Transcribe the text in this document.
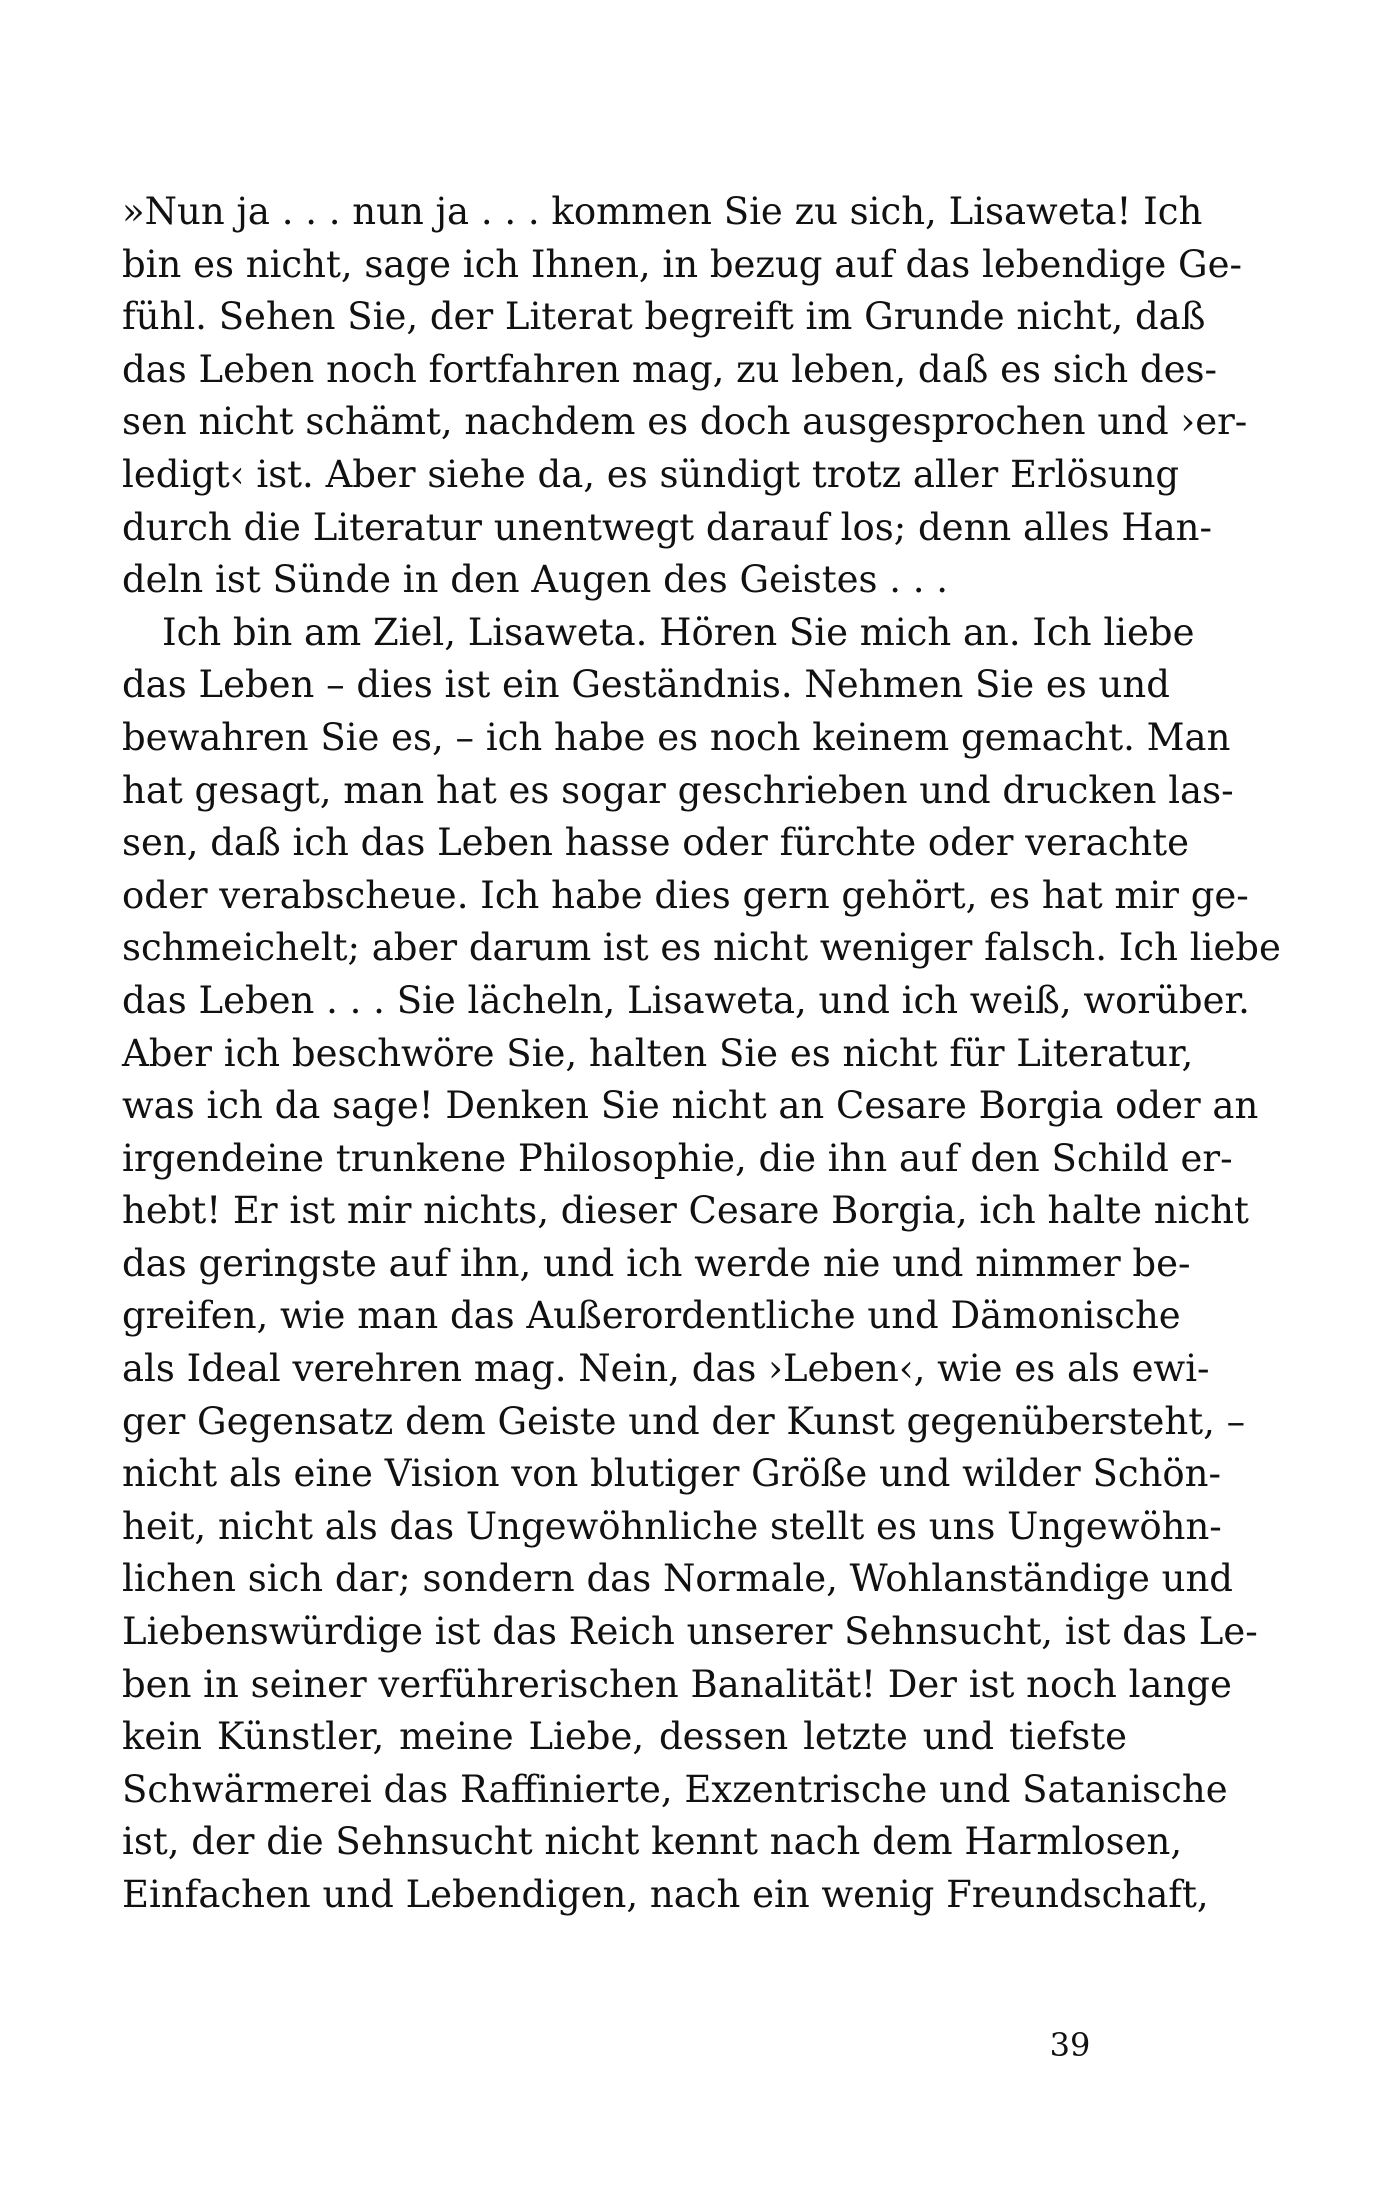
»Nun ja . . . nun ja . . . kommen Sie zu sich, Lisaweta! Ich
bin es nicht, sage ich Ihnen, in bezug auf das lebendige Ge-
fühl. Sehen Sie, der Literat begreift im Grunde nicht, daß
das Leben noch fortfahren mag, zu leben, daß es sich des-
sen nicht schämt, nachdem es doch ausgesprochen und ›er-
ledigt‹ ist. Aber siehe da, es sündigt trotz aller Erlösung
durch die Literatur unentwegt darauf los; denn alles Han-
deln ist Sünde in den Augen des Geistes . . .
Ich bin am Ziel, Lisaweta. Hören Sie mich an. Ich liebe
das Leben – dies ist ein Geständnis. Nehmen Sie es und
bewahren Sie es, – ich habe es noch keinem gemacht. Man
hat gesagt, man hat es sogar geschrieben und drucken las-
sen, daß ich das Leben hasse oder fürchte oder verachte
oder verabscheue. Ich habe dies gern gehört, es hat mir ge-
schmeichelt; aber darum ist es nicht weniger falsch. Ich liebe
das Leben . . . Sie lächeln, Lisaweta, und ich weiß, worüber.
Aber ich beschwöre Sie, halten Sie es nicht für Literatur,
was ich da sage! Denken Sie nicht an Cesare Borgia oder an
irgendeine trunkene Philosophie, die ihn auf den Schild er-
hebt! Er ist mir nichts, dieser Cesare Borgia, ich halte nicht
das geringste auf ihn, und ich werde nie und nimmer be-
greifen, wie man das Außerordentliche und Dämonische
als Ideal verehren mag. Nein, das ›Leben‹, wie es als ewi-
ger Gegensatz dem Geiste und der Kunst gegenübersteht, –
nicht als eine Vision von blutiger Größe und wilder Schön-
heit, nicht als das Ungewöhnliche stellt es uns Ungewöhn-
lichen sich dar; sondern das Normale, Wohlanständige und
Liebenswürdige ist das Reich unserer Sehnsucht, ist das Le-
ben in seiner verführerischen Banalität! Der ist noch lange
kein Künstler, meine Liebe, dessen letzte und tiefste
Schwärmerei das Raffinierte, Exzentrische und Satanische
ist, der die Sehnsucht nicht kennt nach dem Harmlosen,
Einfachen und Lebendigen, nach ein wenig Freundschaft,
39
